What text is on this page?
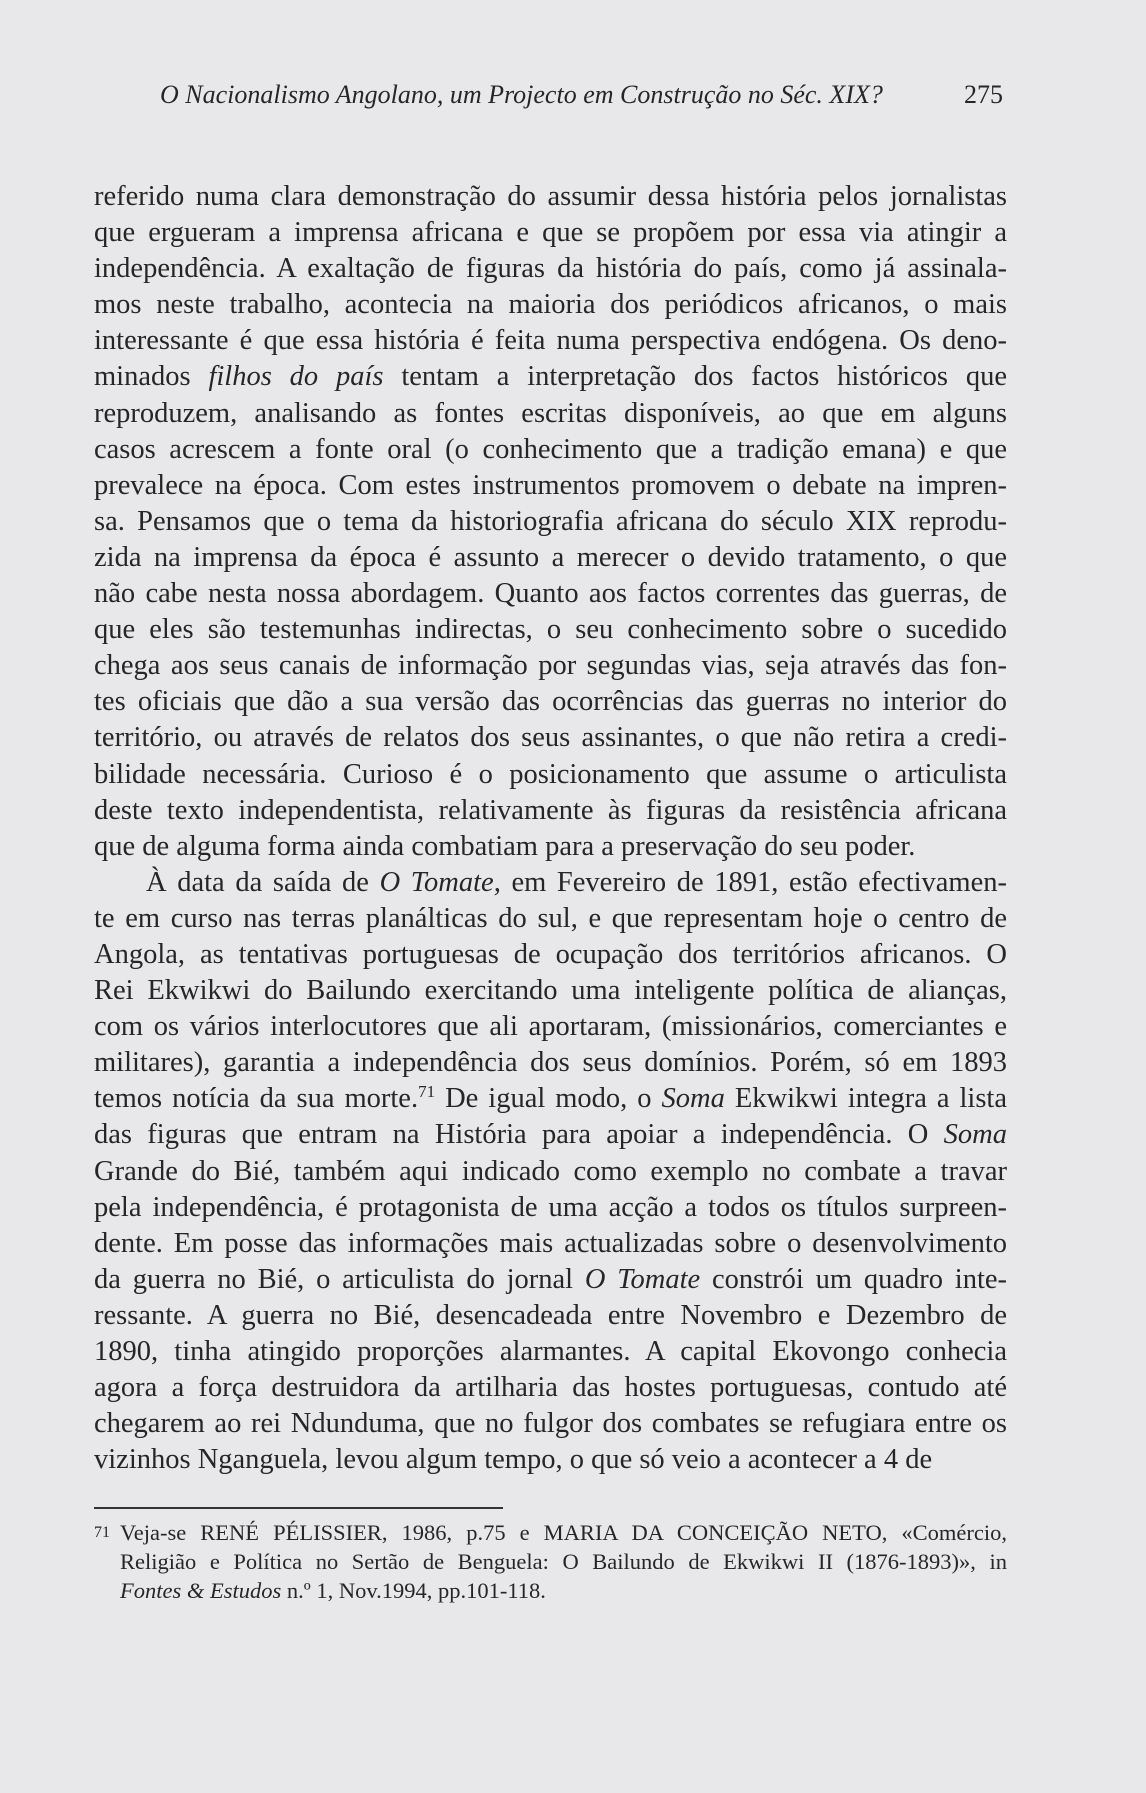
O Nacionalismo Angolano, um Projecto em Construção no Séc. XIX?	275
referido numa clara demonstração do assumir dessa história pelos jornalistas
que ergueram a imprensa africana e que se propõem por essa via atingir a
independência. A exaltação de figuras da história do país, como já assinala-
mos neste trabalho, acontecia na maioria dos periódicos africanos, o mais
interessante é que essa história é feita numa perspectiva endógena. Os deno-
minados filhos do país tentam a interpretação dos factos históricos que
reproduzem, analisando as fontes escritas disponíveis, ao que em alguns
casos acrescem a fonte oral (o conhecimento que a tradição emana) e que
prevalece na época. Com estes instrumentos promovem o debate na impren-
sa. Pensamos que o tema da historiografia africana do século XIX reprodu-
zida na imprensa da época é assunto a merecer o devido tratamento, o que
não cabe nesta nossa abordagem. Quanto aos factos correntes das guerras, de
que eles são testemunhas indirectas, o seu conhecimento sobre o sucedido
chega aos seus canais de informação por segundas vias, seja através das fon-
tes oficiais que dão a sua versão das ocorrências das guerras no interior do
território, ou através de relatos dos seus assinantes, o que não retira a credi-
bilidade necessária. Curioso é o posicionamento que assume o articulista
deste texto independentista, relativamente às figuras da resistência africana
que de alguma forma ainda combatiam para a preservação do seu poder.
À data da saída de O Tomate, em Fevereiro de 1891, estão efectivamen-
te em curso nas terras planálticas do sul, e que representam hoje o centro de
Angola, as tentativas portuguesas de ocupação dos territórios africanos. O
Rei Ekwikwi do Bailundo exercitando uma inteligente política de alianças,
com os vários interlocutores que ali aportaram, (missionários, comerciantes e
militares), garantia a independência dos seus domínios. Porém, só em 1893
temos notícia da sua morte.$^{71}$ De igual modo, o Soma Ekwikwi integra a lista
das figuras que entram na História para apoiar a independência. O Soma
Grande do Bié, também aqui indicado como exemplo no combate a travar
pela independência, é protagonista de uma acção a todos os títulos surpreen-
dente. Em posse das informações mais actualizadas sobre o desenvolvimento
da guerra no Bié, o articulista do jornal O Tomate constrói um quadro inte-
ressante. A guerra no Bié, desencadeada entre Novembro e Dezembro de
1890, tinha atingido proporções alarmantes. A capital Ekovongo conhecia
agora a força destruidora da artilharia das hostes portuguesas, contudo até
chegarem ao rei Ndunduma, que no fulgor dos combates se refugiara entre os
vizinhos Nganguela, levou algum tempo, o que só veio a acontecer a 4 de
71 Veja-se RENÉ PÉLISSIER, 1986, p.75 e MARIA DA CONCEIÇÃO NETO, «Comércio,
Religião e Política no Sertão de Benguela: O Bailundo de Ekwikwi II (1876-1893)», in
Fontes & Estudos n.º 1, Nov.1994, pp.101-118.
